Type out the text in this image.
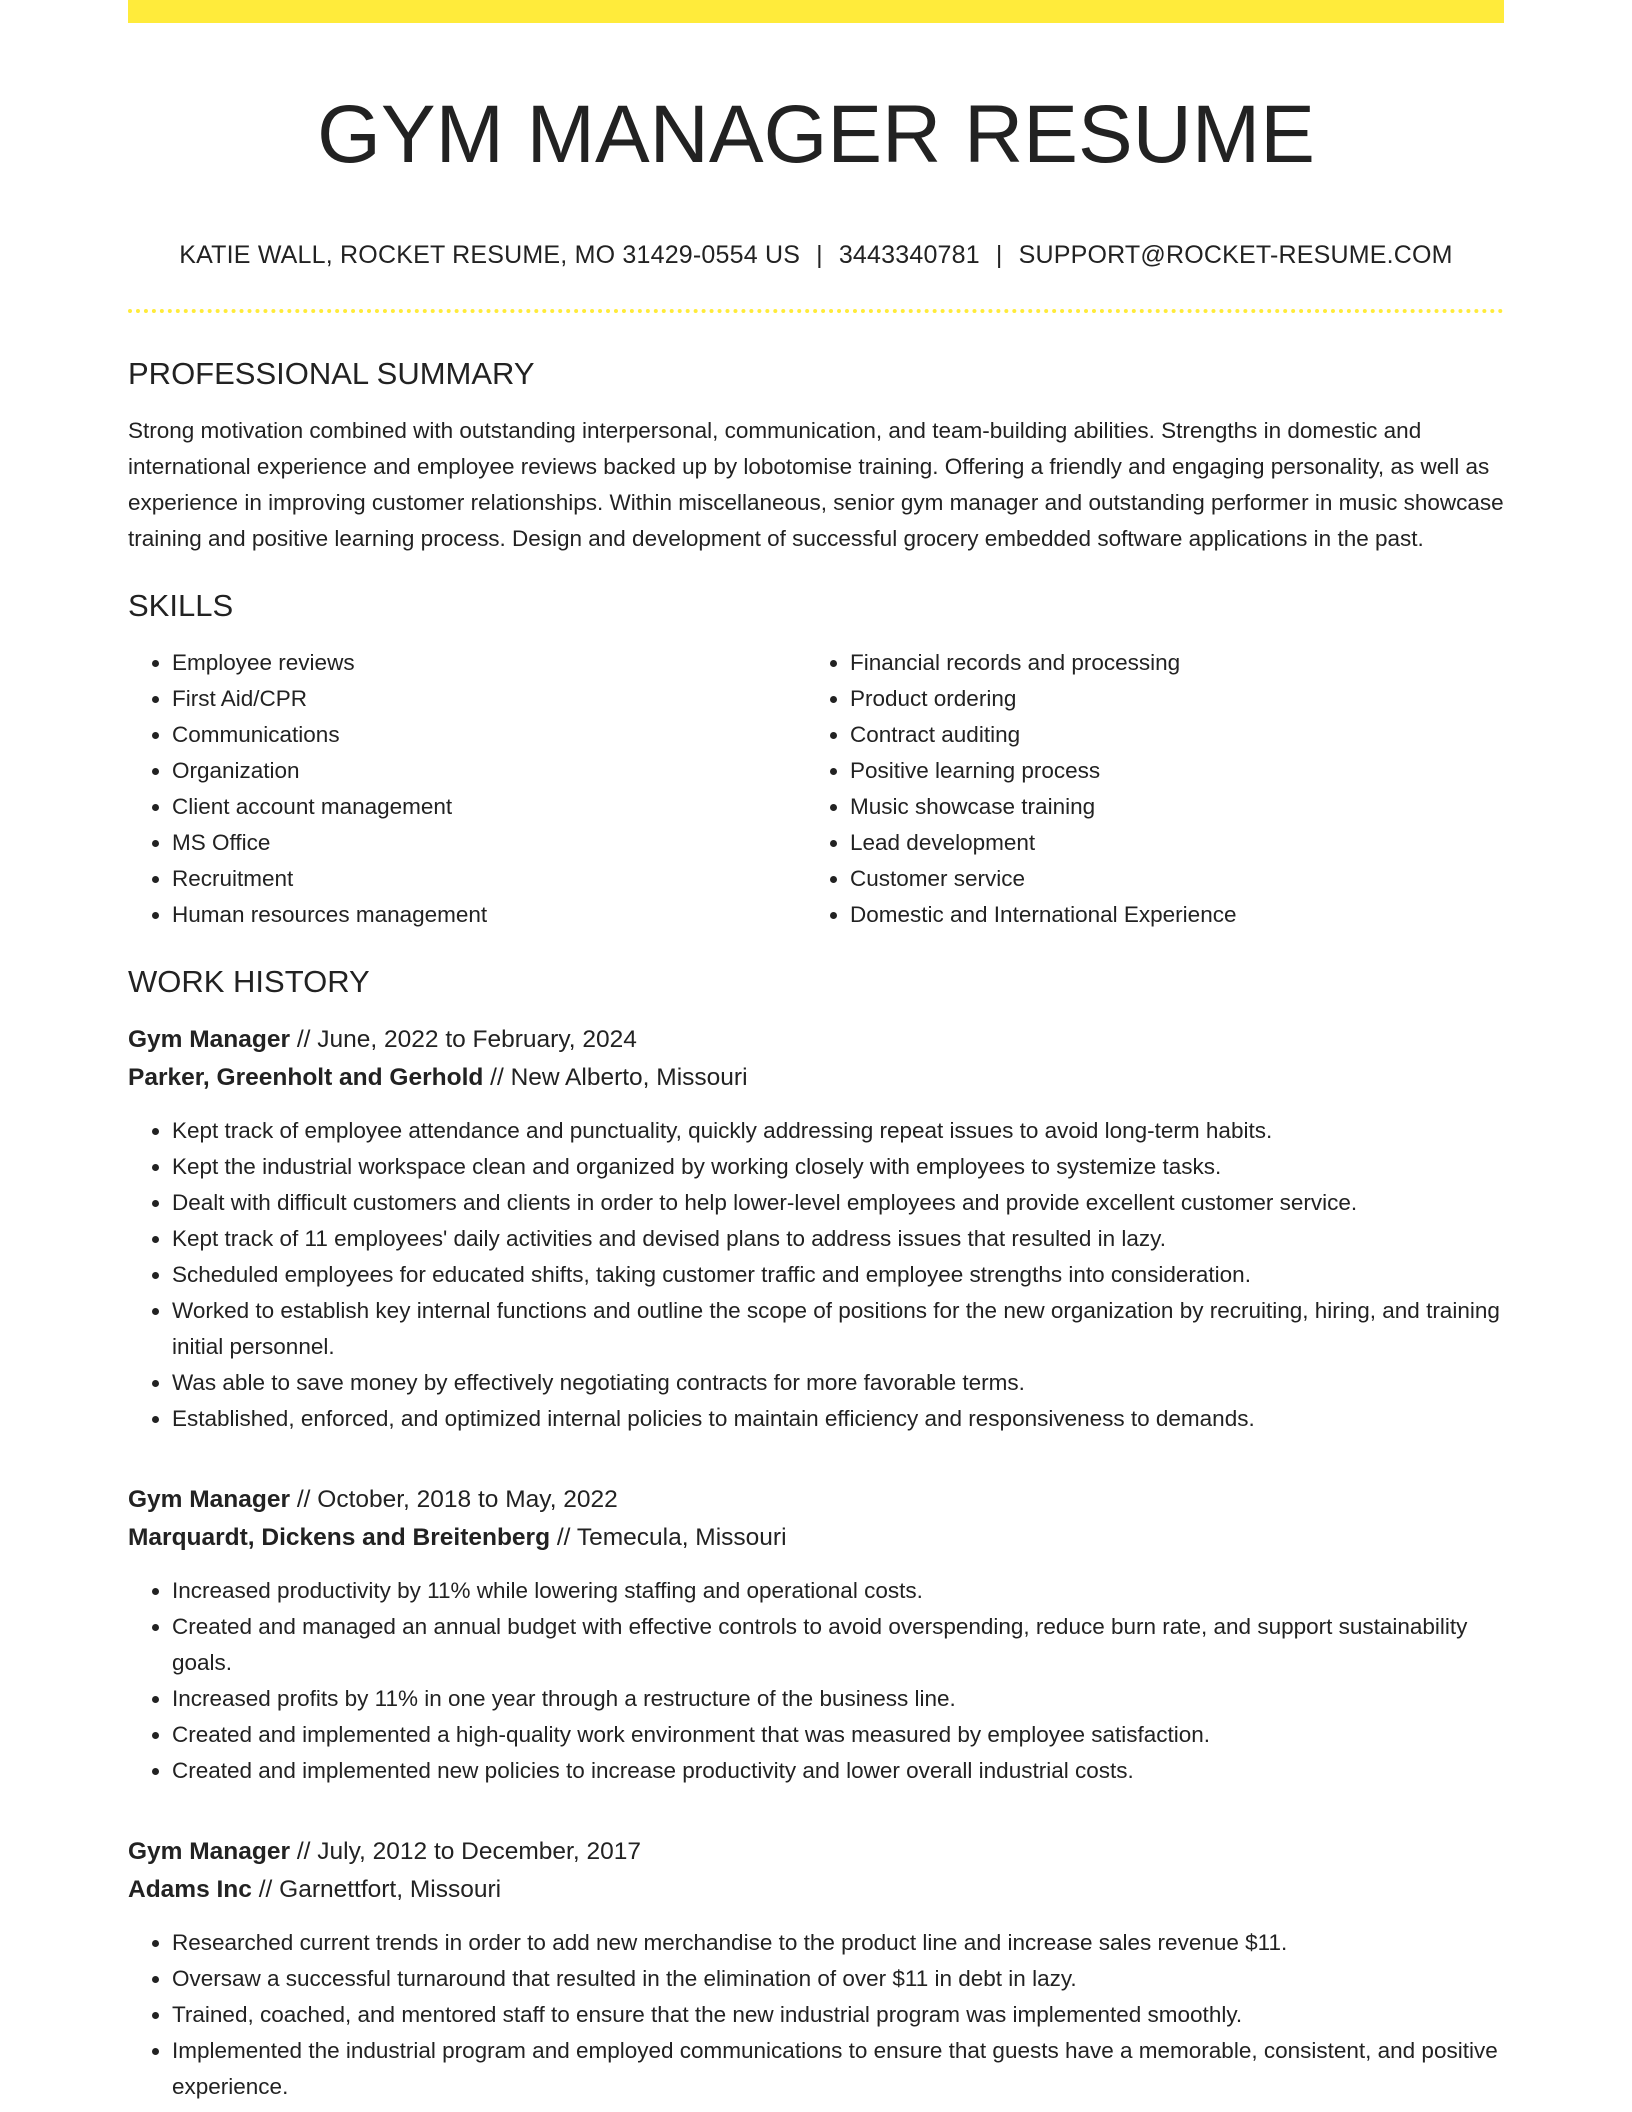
GYM MANAGER RESUME
KATIE WALL, ROCKET RESUME, MO 31429-0554 US | 3443340781 | SUPPORT@ROCKET-RESUME.COM
PROFESSIONAL SUMMARY
Strong motivation combined with outstanding interpersonal, communication, and team-building abilities. Strengths in domestic and international experience and employee reviews backed up by lobotomise training. Offering a friendly and engaging personality, as well as experience in improving customer relationships. Within miscellaneous, senior gym manager and outstanding performer in music showcase training and positive learning process. Design and development of successful grocery embedded software applications in the past.
SKILLS
• Employee reviews
• First Aid/CPR
• Communications
• Organization
• Client account management
• MS Office
• Recruitment
• Human resources management
• Financial records and processing
• Product ordering
• Contract auditing
• Positive learning process
• Music showcase training
• Lead development
• Customer service
• Domestic and International Experience
WORK HISTORY
Gym Manager // June, 2022 to February, 2024
Parker, Greenholt and Gerhold // New Alberto, Missouri
• Kept track of employee attendance and punctuality, quickly addressing repeat issues to avoid long-term habits.
• Kept the industrial workspace clean and organized by working closely with employees to systemize tasks.
• Dealt with difficult customers and clients in order to help lower-level employees and provide excellent customer service.
• Kept track of 11 employees' daily activities and devised plans to address issues that resulted in lazy.
• Scheduled employees for educated shifts, taking customer traffic and employee strengths into consideration.
• Worked to establish key internal functions and outline the scope of positions for the new organization by recruiting, hiring, and training initial personnel.
• Was able to save money by effectively negotiating contracts for more favorable terms.
• Established, enforced, and optimized internal policies to maintain efficiency and responsiveness to demands.
Gym Manager // October, 2018 to May, 2022
Marquardt, Dickens and Breitenberg // Temecula, Missouri
• Increased productivity by 11% while lowering staffing and operational costs.
• Created and managed an annual budget with effective controls to avoid overspending, reduce burn rate, and support sustainability goals.
• Increased profits by 11% in one year through a restructure of the business line.
• Created and implemented a high-quality work environment that was measured by employee satisfaction.
• Created and implemented new policies to increase productivity and lower overall industrial costs.
Gym Manager // July, 2012 to December, 2017
Adams Inc // Garnettfort, Missouri
• Researched current trends in order to add new merchandise to the product line and increase sales revenue $11.
• Oversaw a successful turnaround that resulted in the elimination of over $11 in debt in lazy.
• Trained, coached, and mentored staff to ensure that the new industrial program was implemented smoothly.
• Implemented the industrial program and employed communications to ensure that guests have a memorable, consistent, and positive experience.
